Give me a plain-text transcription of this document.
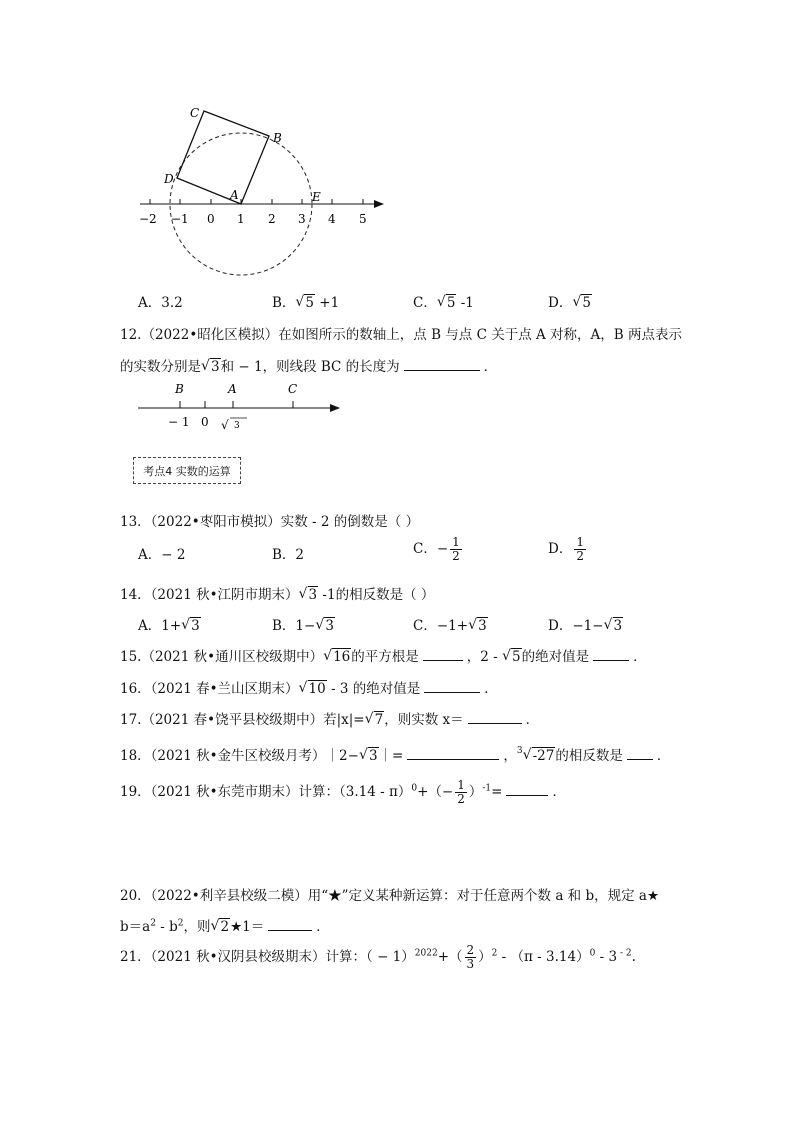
C
B
D
A	E
−2 −1 0 1 2 3 4 5
A．3.2	B． √ 5 +1	C． √ 5 -1	D． √ 5
12.（2022•昭化区模拟）在如图所示的数轴上，点 B 与点 C 关于点 A 对称，A，B 两点表示
的实数分别是 √ 3和 − 1，则线段 BC 的长度为	．
B	A	C
− 1 0 √ 3
考点4 实数的运算
13．（2022•枣阳市模拟）实数 - 2 的倒数是（ ）
A．− 2	B．2	C．− $\frac{1}{2}$	D． $\frac{1}{2}$
14．（2021 秋•江阴市期末） √ 3 -1的相反数是（ ）
A．1+ √ 3	B．1− √ 3	C．−1+ √ 3	D．−1− √ 3
15.（2021 秋•通川区校级期中） √ 16的平方根是	，2 - √ 5的绝对值是	．
16．（2021 春•兰山区期末） √ 10 - 3 的绝对值是	．
17.（2021 春•饶平县校级期中）若|x|= √ 7，则实数 x＝	．
18．（2021 秋•金牛区校级月考）｜2− √ 3｜=	，$^3$ √ -27的相反数是	．
19．（2021 秋•东莞市期末）计算：$(3.14 - \pi)^0+(- \frac{1}{2} )^{-1}=$	．
20．（2022•利辛县校级二模）用“★”定义某种新运算：对于任意两个数 a 和 b，规定 a★
$b=a^2 - b^2$，则 √ 2★1＝	．
21．（2021 秋•汉阴县校级期末）计算：（ − $1)^{2022}+( \frac{2}{3} )^2 - (\pi - 3.14)^0 - 3$ $^{- 2}$.
